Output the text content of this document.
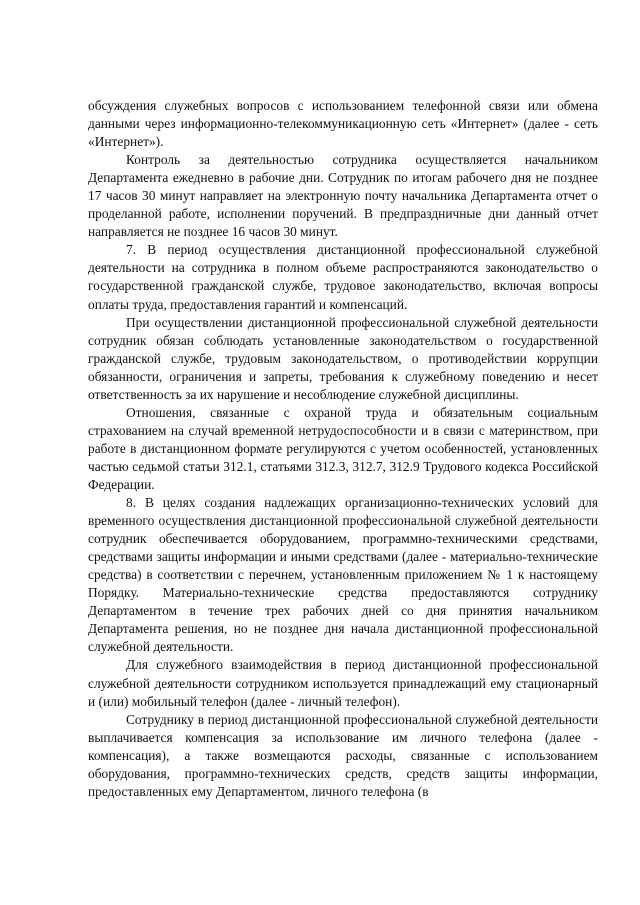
обсуждения служебных вопросов с использованием телефонной связи или обмена данными через информационно-телекоммуникационную сеть «Интернет» (далее - сеть «Интернет»).

Контроль за деятельностью сотрудника осуществляется начальником Департамента ежедневно в рабочие дни. Сотрудник по итогам рабочего дня не позднее 17 часов 30 минут направляет на электронную почту начальника Департамента отчет о проделанной работе, исполнении поручений. В предпраздничные дни данный отчет направляется не позднее 16 часов 30 минут.

7. В период осуществления дистанционной профессиональной служебной деятельности на сотрудника в полном объеме распространяются законодательство о государственной гражданской службе, трудовое законодательство, включая вопросы оплаты труда, предоставления гарантий и компенсаций.

При осуществлении дистанционной профессиональной служебной деятельности сотрудник обязан соблюдать установленные законодательством о государственной гражданской службе, трудовым законодательством, о противодействии коррупции обязанности, ограничения и запреты, требования к служебному поведению и несет ответственность за их нарушение и несоблюдение служебной дисциплины.

Отношения, связанные с охраной труда и обязательным социальным страхованием на случай временной нетрудоспособности и в связи с материнством, при работе в дистанционном формате регулируются с учетом особенностей, установленных частью седьмой статьи 312.1, статьями 312.3, 312.7, 312.9 Трудового кодекса Российской Федерации.

8. В целях создания надлежащих организационно-технических условий для временного осуществления дистанционной профессиональной служебной деятельности сотрудник обеспечивается оборудованием, программно-техническими средствами, средствами защиты информации и иными средствами (далее - материально-технические средства) в соответствии с перечнем, установленным приложением № 1 к настоящему Порядку. Материально-технические средства предоставляются сотруднику Департаментом в течение трех рабочих дней со дня принятия начальником Департамента решения, но не позднее дня начала дистанционной профессиональной служебной деятельности.

Для служебного взаимодействия в период дистанционной профессиональной служебной деятельности сотрудником используется принадлежащий ему стационарный и (или) мобильный телефон (далее - личный телефон).

Сотруднику в период дистанционной профессиональной служебной деятельности выплачивается компенсация за использование им личного телефона (далее - компенсация), а также возмещаются расходы, связанные с использованием оборудования, программно-технических средств, средств защиты информации, предоставленных ему Департаментом, личного телефона (в
